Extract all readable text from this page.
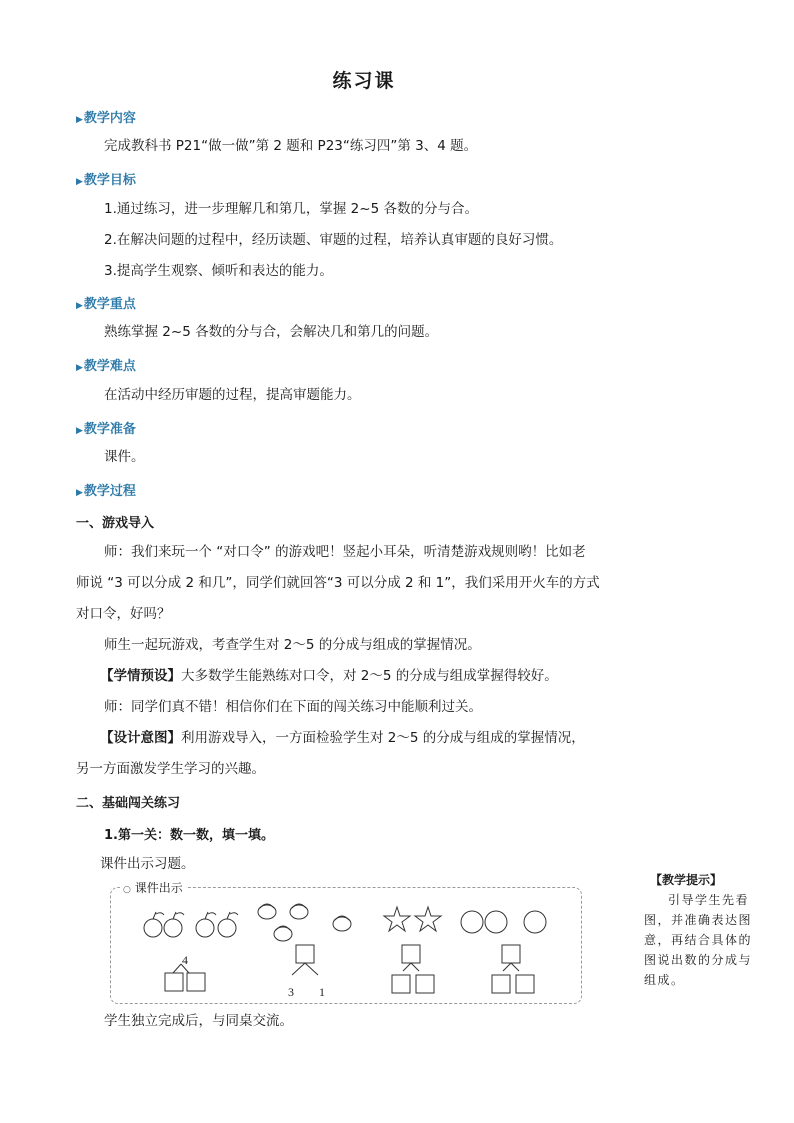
练习课
▶教学内容
完成教科书 P21“做一做”第 2 题和 P23“练习四”第 3、4 题。
▶教学目标
1.通过练习，进一步理解几和第几，掌握 2~5 各数的分与合。
2.在解决问题的过程中，经历读题、审题的过程，培养认真审题的良好习惯。
3.提高学生观察、倾听和表达的能力。
▶教学重点
熟练掌握 2~5 各数的分与合，会解决几和第几的问题。
▶教学难点
在活动中经历审题的过程，提高审题能力。
▶教学准备
课件。
▶教学过程
一、游戏导入
师：我们来玩一个 “对口令” 的游戏吧！竖起小耳朵，听清楚游戏规则哟！比如老
师说 “3 可以分成 2 和几”，同学们就回答“3 可以分成 2 和 1”，我们采用开火车的方式
对口令，好吗？
师生一起玩游戏，考查学生对 2～5 的分成与组成的掌握情况。
【学情预设】大多数学生能熟练对口令，对 2～5 的分成与组成掌握得较好。
师：同学们真不错！相信你们在下面的闯关练习中能顺利过关。
【设计意图】利用游戏导入，一方面检验学生对 2～5 的分成与组成的掌握情况，
另一方面激发学生学习的兴趣。
二、基础闯关练习
1.第一关：数一数，填一填。
课件出示习题。
【教学提示】
引导学生先看图，并准确表达图意，再结合具体的图说出数的分成与组成。
○ 课件出示
4
3 1
学生独立完成后，与同桌交流。
